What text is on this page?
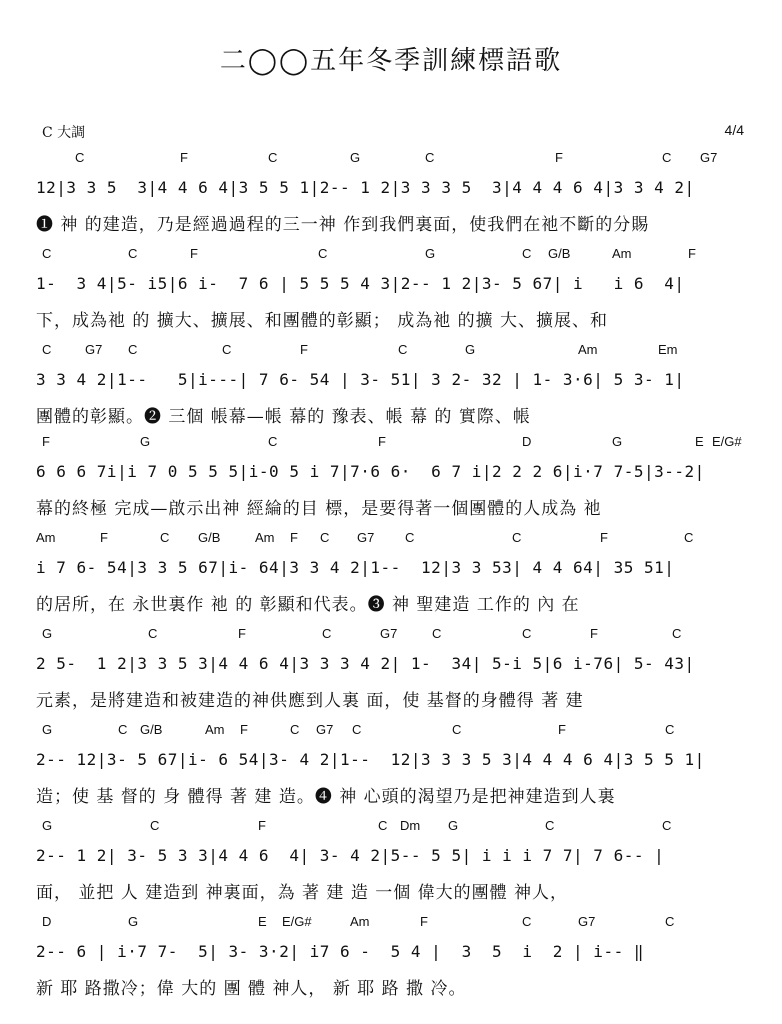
二◯◯五年冬季訓練標語歌
C 大調	4/4
C	F	C	G	C	F	C G7
12|3 3 5  3|4 4 6 4|3 5 5 1|2-- 1 2|3 3 3 5  3|4 4 4 6 4|3 3 4 2|
❶ 神 的建造，乃是經過過程的三一神 作到我們裏面，使我們在祂不斷的分賜
C	C	F	C	G	C G/B	Am	F
1-  3 4|5- i5|6 i-  7 6 | 5 5 5 4 3|2-- 1 2|3- 5 67| i   i 6  4|
下，成為祂 的 擴大、擴展、和團體的彰顯； 成為祂 的擴 大、擴展、和
C	G7 C	C	F	C	G	Am	Em
3 3 4 2|1--   5|i---| 7 6- 54 | 3- 51| 3 2- 32 | 1- 3·6| 5 3- 1|
團體的彰顯。❷ 三個 帳幕—帳 幕的 豫表、帳 幕 的 實際、帳
F	G	C	F	D	G	E E/G#
6 6 6 7i|i 7 0 5 5 5|i-0 5 i 7|7·6 6·  6 7 i|2 2 2 6|i·7 7-5|3--2|
幕的終極 完成—啟示出神 經綸的目 標，是要得著一個團體的人成為 祂
Am	F	C G/B	Am F C G7 C	C	F	C
i 7 6- 54|3 3 5 67|i- 64|3 3 4 2|1--  12|3 3 53| 4 4 64| 35 51|
的居所，在 永世裏作 祂 的 彰顯和代表。❸ 神 聖建造 工作的 內 在
G	C	F	C	G7	C	C	F	C
2 5-  1 2|3 3 5 3|4 4 6 4|3 3 3 4 2| 1-  34| 5-i 5|6 i-76| 5- 43|
元素，是將建造和被建造的神供應到人裏 面，使 基督的身體得 著 建
G	C G/B	Am F	C G7 C	C	F	C
2-- 12|3- 5 67|i- 6 54|3- 4 2|1--  12|3 3 3 5 3|4 4 4 6 4|3 5 5 1|
造；使 基 督的 身 體得 著 建 造。❹ 神 心頭的渴望乃是把神建造到人裏
G	C	F	C Dm G	C	C
2-- 1 2| 3- 5 3 3|4 4 6  4| 3- 4 2|5-- 5 5| i i i 7 7| 7 6-- |
面， 並把 人 建造到 神裏面，為 著 建 造 一個 偉大的團體 神人，
D	G	E E/G#	Am	F	C	G7	C
2-- 6 | i·7 7-  5| 3- 3·2| i7 6 -  5 4 |  3  5  i  2 | i-- ‖
新 耶 路撒冷；偉 大的 團 體 神人， 新 耶 路 撒 冷。
